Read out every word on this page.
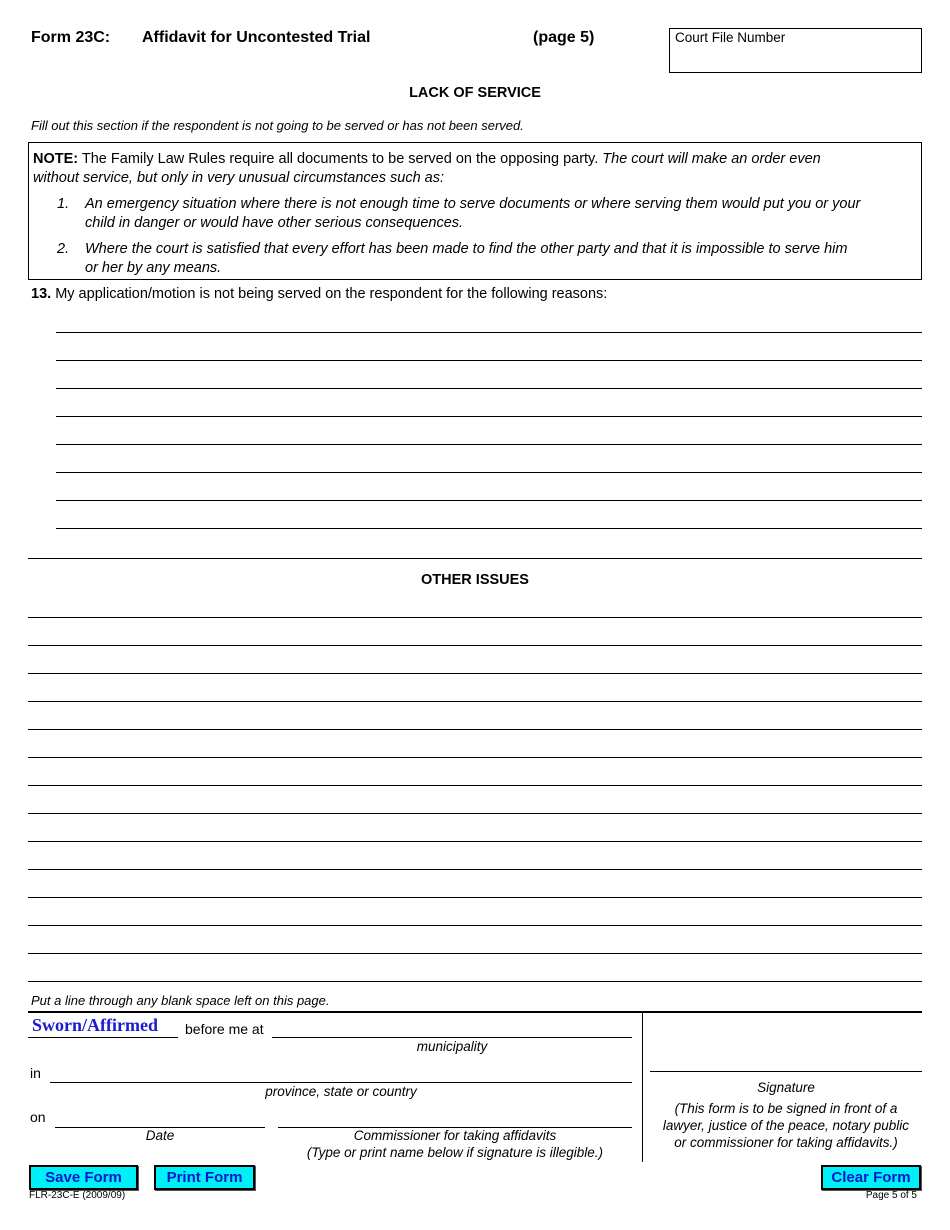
Form 23C: Affidavit for Uncontested Trial	(page 5)	Court File Number
LACK OF SERVICE
Fill out this section if the respondent is not going to be served or has not been served.
NOTE: The Family Law Rules require all documents to be served on the opposing party. The court will make an order even
without service, but only in very unusual circumstances such as:
1. An emergency situation where there is not enough time to serve documents or where serving them would put you or your
child in danger or would have other serious consequences.
2. Where the court is satisfied that every effort has been made to find the other party and that it is impossible to serve him
or her by any means.
13. My application/motion is not being served on the respondent for the following reasons:
OTHER ISSUES
Put a line through any blank space left on this page.
Sworn/Affirmed before me at
municipality
in
province, state or country
on
Date	Commissioner for taking affidavits
(Type or print name below if signature is illegible.)
Signature
(This form is to be signed in front of a
lawyer, justice of the peace, notary public
or commissioner for taking affidavits.)
Save Form	Print Form	Clear Form
FLR-23C-E (2009/09)	Page 5 of 5
